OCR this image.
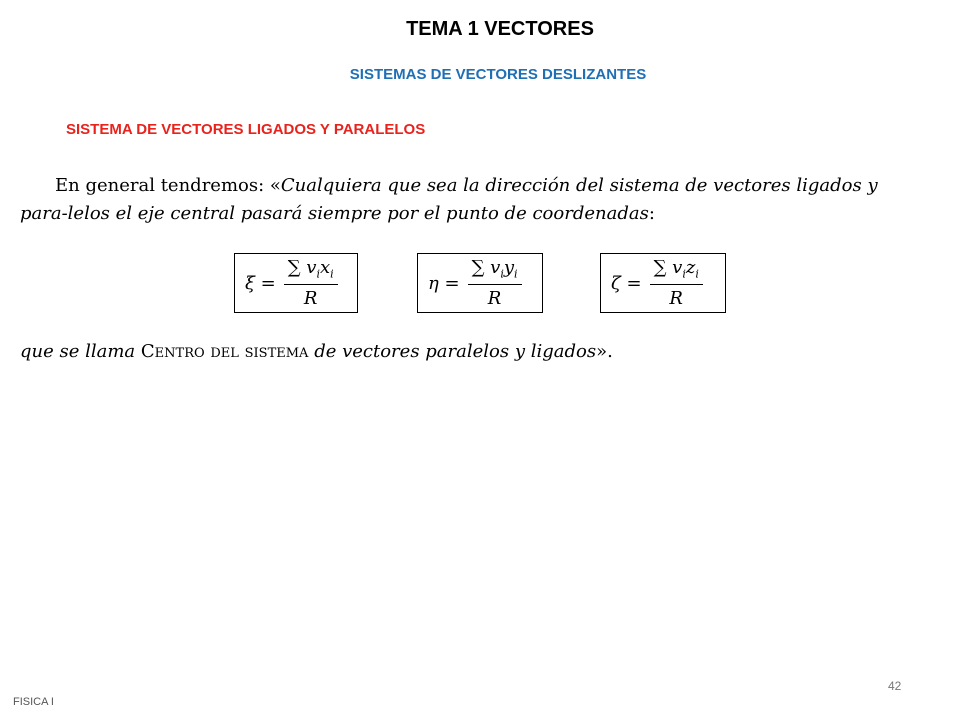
TEMA 1 VECTORES
SISTEMAS DE VECTORES DESLIZANTES
SISTEMA DE VECTORES LIGADOS Y PARALELOS
En general tendremos: «Cualquiera que sea la dirección del sistema de vectores ligados y para-lelos el eje central pasará siempre por el punto de coordenadas:
$\xi = \frac{\sum v_ix_i}{R}$	$\eta = \frac{\sum v_iy_i}{R}$	$\zeta = \frac{\sum v_iz_i}{R}$
que se llama Centro del sistema de vectores paralelos y ligados».
FISICA I
42
